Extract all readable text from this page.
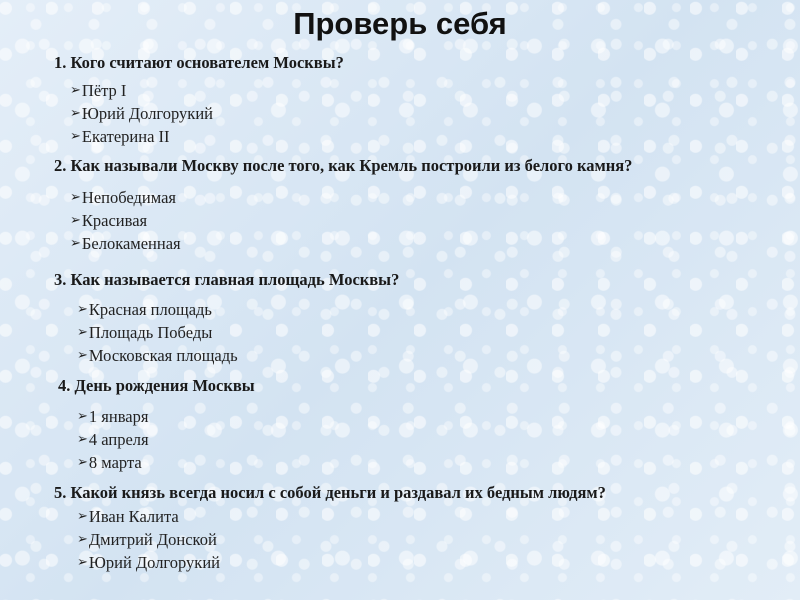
Проверь себя
1. Кого считают основателем Москвы?
➢ Пётр I
➢ Юрий Долгорукий
➢ Екатерина II
2. Как называли Москву после того, как Кремль построили из белого камня?
➢ Непобедимая
➢ Красивая
➢ Белокаменная
3. Как называется главная площадь Москвы?
➢ Красная площадь
➢ Площадь Победы
➢ Московская площадь
4. День рождения Москвы
➢ 1 января
➢ 4 апреля
➢ 8 марта
5. Какой князь всегда носил с собой деньги и раздавал их бедным людям?
➢ Иван Калита
➢ Дмитрий Донской
➢ Юрий Долгорукий
